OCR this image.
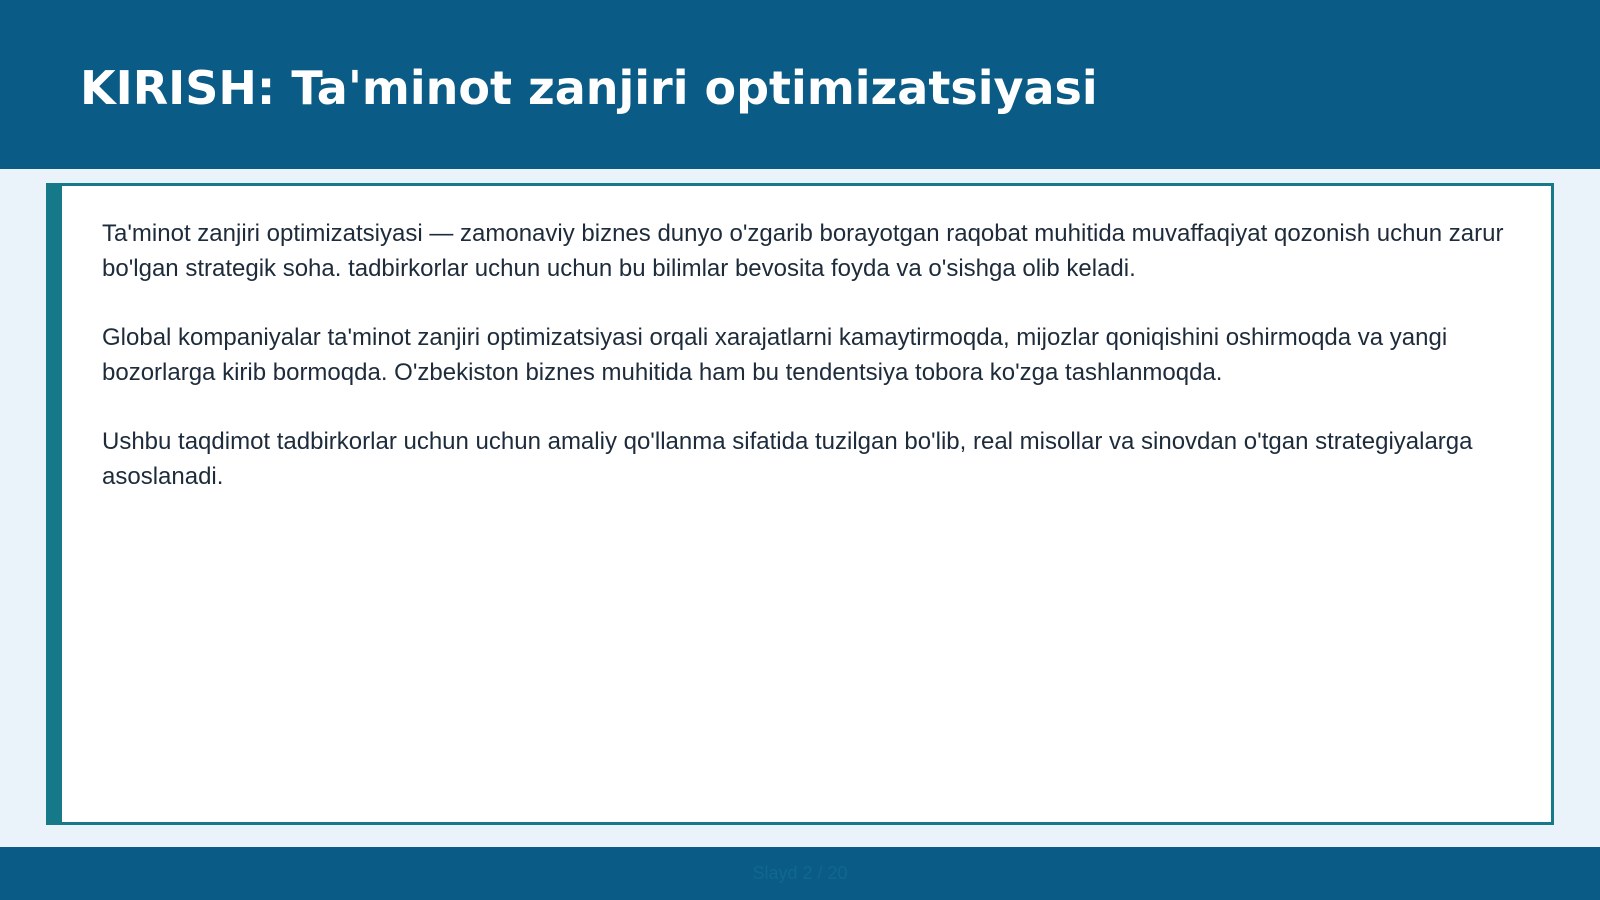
KIRISH: Ta'minot zanjiri optimizatsiyasi

Ta'minot zanjiri optimizatsiyasi — zamonaviy biznes dunyo o'zgarib borayotgan raqobat muhitida muvaffaqiyat qozonish uchun zarur bo'lgan strategik soha. tadbirkorlar uchun uchun bu bilimlar bevosita foyda va o'sishga olib keladi.

Global kompaniyalar ta'minot zanjiri optimizatsiyasi orqali xarajatlarni kamaytirmoqda, mijozlar qoniqishini oshirmoqda va yangi bozorlarga kirib bormoqda. O'zbekiston biznes muhitida ham bu tendentsiya tobora ko'zga tashlanmoqda.

Ushbu taqdimot tadbirkorlar uchun uchun amaliy qo'llanma sifatida tuzilgan bo'lib, real misollar va sinovdan o'tgan strategiyalarga asoslanadi.

Slayd 2 / 20
